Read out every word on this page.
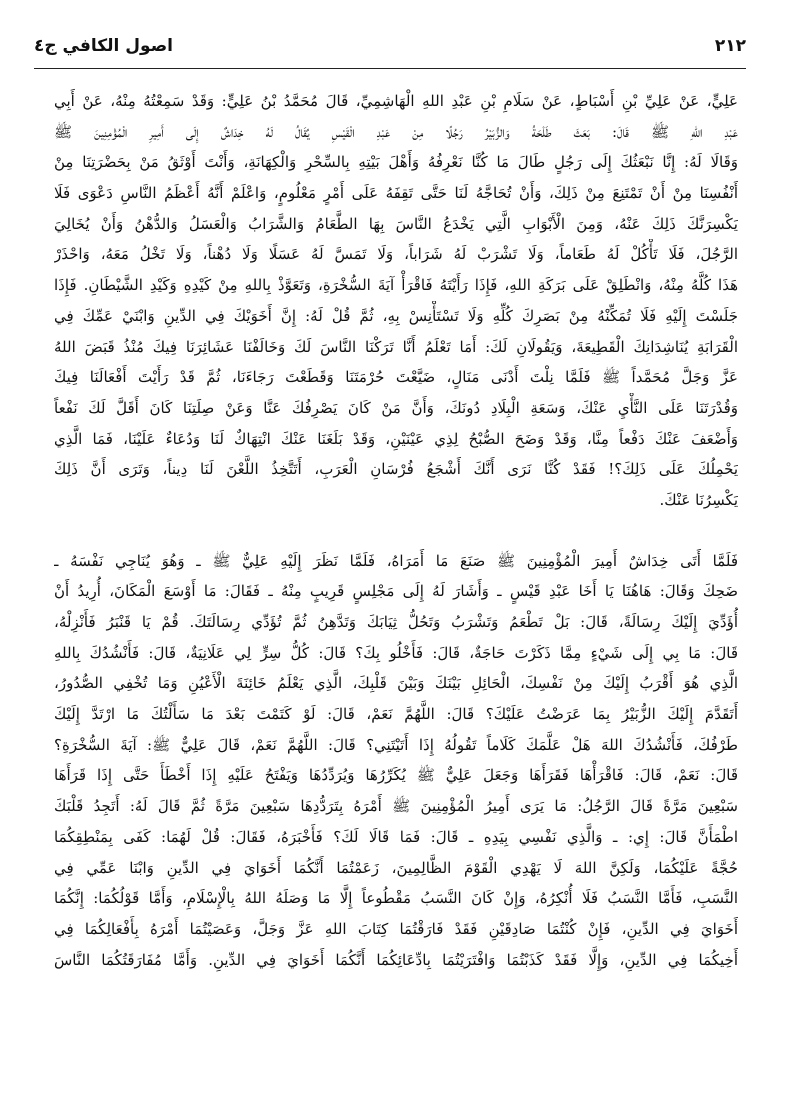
اصول الكافي ج٤	٢١٢
عَلِيٍّ، عَنْ عَلِيِّ بْنِ أَسْبَاطٍ، عَنْ سَلَامِ بْنِ عَبْدِ اللهِ الْهَاشِمِيِّ، قَالَ مُحَمَّدُ بْنُ عَلِيٍّ: وَقَدْ سَمِعْتُهُ مِنْهُ، عَنْ أَبِي
عَبْدِ اللهِ ﷺ قَالَ: بَعَثَ طَلْحَةُ وَالزُّبَيْرُ رَجُلًا مِنْ عَبْدِ الْقَيْسِ يُقَالُ لَهُ خِدَاشٌ إِلَى أَمِيرِ الْمُؤْمِنِينَ ﷺ
وَقَالَا لَهُ: إِنَّا نَبْعَثُكَ إِلَى رَجُلٍ طَالَ مَا كُنَّا نَعْرِفُهُ وَأَهْلَ بَيْتِهِ بِالسِّحْرِ وَالْكِهَانَةِ، وَأَنْتَ أَوْثَقُ مَنْ بِحَضْرَتِنَا مِنْ
أَنْفُسِنَا مِنْ أَنْ تَمْتَنِعَ مِنْ ذَلِكَ، وَأَنْ تُحَاجَّهُ لَنَا حَتَّى تَقِفَهُ عَلَى أَمْرٍ مَعْلُومٍ، وَاعْلَمْ أَنَّهُ أَعْظَمُ النَّاسِ دَعْوَى فَلَا
يَكْسِرَنَّكَ ذَلِكَ عَنْهُ، وَمِنَ الْأَبْوَابِ الَّتِي يَخْدَعُ النَّاسَ بِهَا الطَّعَامُ وَالشَّرَابُ وَالْعَسَلُ وَالدُّهْنُ وَأَنْ يُخَالِيَ
الرَّجُلَ، فَلَا تَأْكُلْ لَهُ طَعَاماً، وَلَا تَشْرَبْ لَهُ شَرَاباً، وَلَا تَمَسَّ لَهُ عَسَلًا وَلَا دُهْناً، وَلَا تَخْلُ مَعَهُ، وَاحْذَرْ
هَذَا كُلَّهُ مِنْهُ، وَانْطَلِقْ عَلَى بَرَكَةِ اللهِ، فَإِذَا رَأَيْتَهُ فَاقْرَأْ آيَةَ السُّخْرَةِ، وَتَعَوَّذْ بِاللهِ مِنْ كَيْدِهِ وَكَيْدِ الشَّيْطَانِ. فَإِذَا
جَلَسْتَ إِلَيْهِ فَلَا تُمَكِّنْهُ مِنْ بَصَرِكَ كُلِّهِ وَلَا تَسْتَأْنِسْ بِهِ، ثُمَّ قُلْ لَهُ: إِنَّ أَخَوَيْكَ فِي الدِّينِ وَابْنَيْ عَمِّكَ فِي
الْقَرَابَةِ يُنَاشِدَانِكَ الْقَطِيعَةَ، وَيَقُولَانِ لَكَ: أَمَا تَعْلَمُ أَنَّا تَرَكْنَا النَّاسَ لَكَ وَخَالَفْنَا عَشَائِرَنَا فِيكَ مُنْذُ قَبَضَ اللهُ
عَزَّ وَجَلَّ مُحَمَّداً ﷺ فَلَمَّا نِلْتَ أَدْنَى مَنَالٍ، ضَيَّعْتَ حُرْمَتَنَا وَقَطَعْتَ رَجَاءَنَا، ثُمَّ قَدْ رَأَيْتَ أَفْعَالَنَا فِيكَ
وَقُدْرَتَنَا عَلَى النَّأْيِ عَنْكَ، وَسَعَةِ الْبِلَادِ دُونَكَ، وَأَنَّ مَنْ كَانَ يَصْرِفُكَ عَنَّا وَعَنْ صِلَتِنَا كَانَ أَقَلَّ لَكَ نَفْعاً
وَأَضْعَفَ عَنْكَ دَفْعاً مِنَّا، وَقَدْ وَضَحَ الصُّبْحُ لِذِي عَيْنَيْنِ، وَقَدْ بَلَغَنَا عَنْكَ انْتِهَاكٌ لَنَا وَدُعَاءٌ عَلَيْنَا، فَمَا الَّذِي
يَحْمِلُكَ عَلَى ذَلِكَ؟! فَقَدْ كُنَّا نَرَى أَنَّكَ أَشْجَعُ فُرْسَانِ الْعَرَبِ، أَتَتَّخِذُ اللَّعْنَ لَنَا دِيناً، وَتَرَى أَنَّ ذَلِكَ
يَكْسِرُنَا عَنْكَ.
فَلَمَّا أَتَى خِدَاشٌ أَمِيرَ الْمُؤْمِنِينَ ﷺ صَنَعَ مَا أَمَرَاهُ، فَلَمَّا نَظَرَ إِلَيْهِ عَلِيٌّ ﷺ ـ وَهُوَ يُنَاجِي نَفْسَهُ ـ
ضَحِكَ وَقَالَ: هَاهُنَا يَا أَخَا عَبْدِ قَيْسٍ ـ وَأَشَارَ لَهُ إِلَى مَجْلِسٍ قَرِيبٍ مِنْهُ ـ فَقَالَ: مَا أَوْسَعَ الْمَكَانَ، أُرِيدُ أَنْ
أُؤَدِّيَ إِلَيْكَ رِسَالَةً، قَالَ: بَلْ تَطْعَمُ وَتَشْرَبُ وَتَحُلُّ ثِيَابَكَ وَتَدَّهِنُ ثُمَّ تُؤَدِّي رِسَالَتَكَ. قُمْ يَا قَنْبَرُ فَأَنْزِلْهُ،
قَالَ: مَا بِي إِلَى شَيْءٍ مِمَّا ذَكَرْتَ حَاجَةٌ، قَالَ: فَأَخْلُو بِكَ؟ قَالَ: كُلُّ سِرٍّ لِي عَلَانِيَةٌ، قَالَ: فَأَنْشُدُكَ بِاللهِ
الَّذِي هُوَ أَقْرَبُ إِلَيْكَ مِنْ نَفْسِكَ، الْحَائِلِ بَيْنَكَ وَبَيْنَ قَلْبِكَ، الَّذِي يَعْلَمُ خَائِنَةَ الْأَعْيُنِ وَمَا تُخْفِي الصُّدُورُ،
أَتَقَدَّمَ إِلَيْكَ الزُّبَيْرُ بِمَا عَرَضْتُ عَلَيْكَ؟ قَالَ: اللَّهُمَّ نَعَمْ، قَالَ: لَوْ كَتَمْتَ بَعْدَ مَا سَأَلْتُكَ مَا ارْتَدَّ إِلَيْكَ
طَرْفُكَ، فَأَنْشُدُكَ اللهَ هَلْ عَلَّمَكَ كَلَاماً تَقُولُهُ إِذَا أَتَيْتَنِي؟ قَالَ: اللَّهُمَّ نَعَمْ، قَالَ عَلِيٌّ ﷺ: آيَةَ السُّخْرَةِ؟
قَالَ: نَعَمْ، قَالَ: فَاقْرَأْهَا فَقَرَأَهَا وَجَعَلَ عَلِيٌّ ﷺ يُكَرِّرُهَا وَيُرَدِّدُهَا وَيَفْتَحُ عَلَيْهِ إِذَا أَخْطَأَ حَتَّى إِذَا قَرَأَهَا
سَبْعِينَ مَرَّةً قَالَ الرَّجُلُ: مَا يَرَى أَمِيرُ الْمُؤْمِنِينَ ﷺ أَمْرَهُ بِتَرَدُّدِهَا سَبْعِينَ مَرَّةً ثُمَّ قَالَ لَهُ: أَتَجِدُ قَلْبَكَ
اطْمَأَنَّ قَالَ: إِي: ـ وَالَّذِي نَفْسِي بِيَدِهِ ـ قَالَ: فَمَا قَالَا لَكَ؟ فَأَخْبَرَهُ، فَقَالَ: قُلْ لَهُمَا: كَفَى بِمَنْطِقِكُمَا
حُجَّةً عَلَيْكُمَا، وَلَكِنَّ اللهَ لَا يَهْدِي الْقَوْمَ الظَّالِمِينَ، زَعَمْتُمَا أَنَّكُمَا أَخَوَايَ فِي الدِّينِ وَابْنَا عَمِّي فِي
النَّسَبِ، فَأَمَّا النَّسَبُ فَلَا أُنْكِرُهُ، وَإِنْ كَانَ النَّسَبُ مَقْطُوعاً إِلَّا مَا وَصَلَهُ اللهُ بِالْإِسْلَامِ، وَأَمَّا قَوْلُكُمَا: إِنَّكُمَا
أَخَوَايَ فِي الدِّينِ، فَإِنْ كُنْتُمَا صَادِقَيْنِ فَقَدْ فَارَقْتُمَا كِتَابَ اللهِ عَزَّ وَجَلَّ، وَعَصَيْتُمَا أَمْرَهُ بِأَفْعَالِكُمَا فِي
أَخِيكُمَا فِي الدِّينِ، وَإِلَّا فَقَدْ كَذَبْتُمَا وَافْتَرَيْتُمَا بِادِّعَائِكُمَا أَنَّكُمَا أَخَوَايَ فِي الدِّينِ. وَأَمَّا مُفَارَقَتُكُمَا النَّاسَ
